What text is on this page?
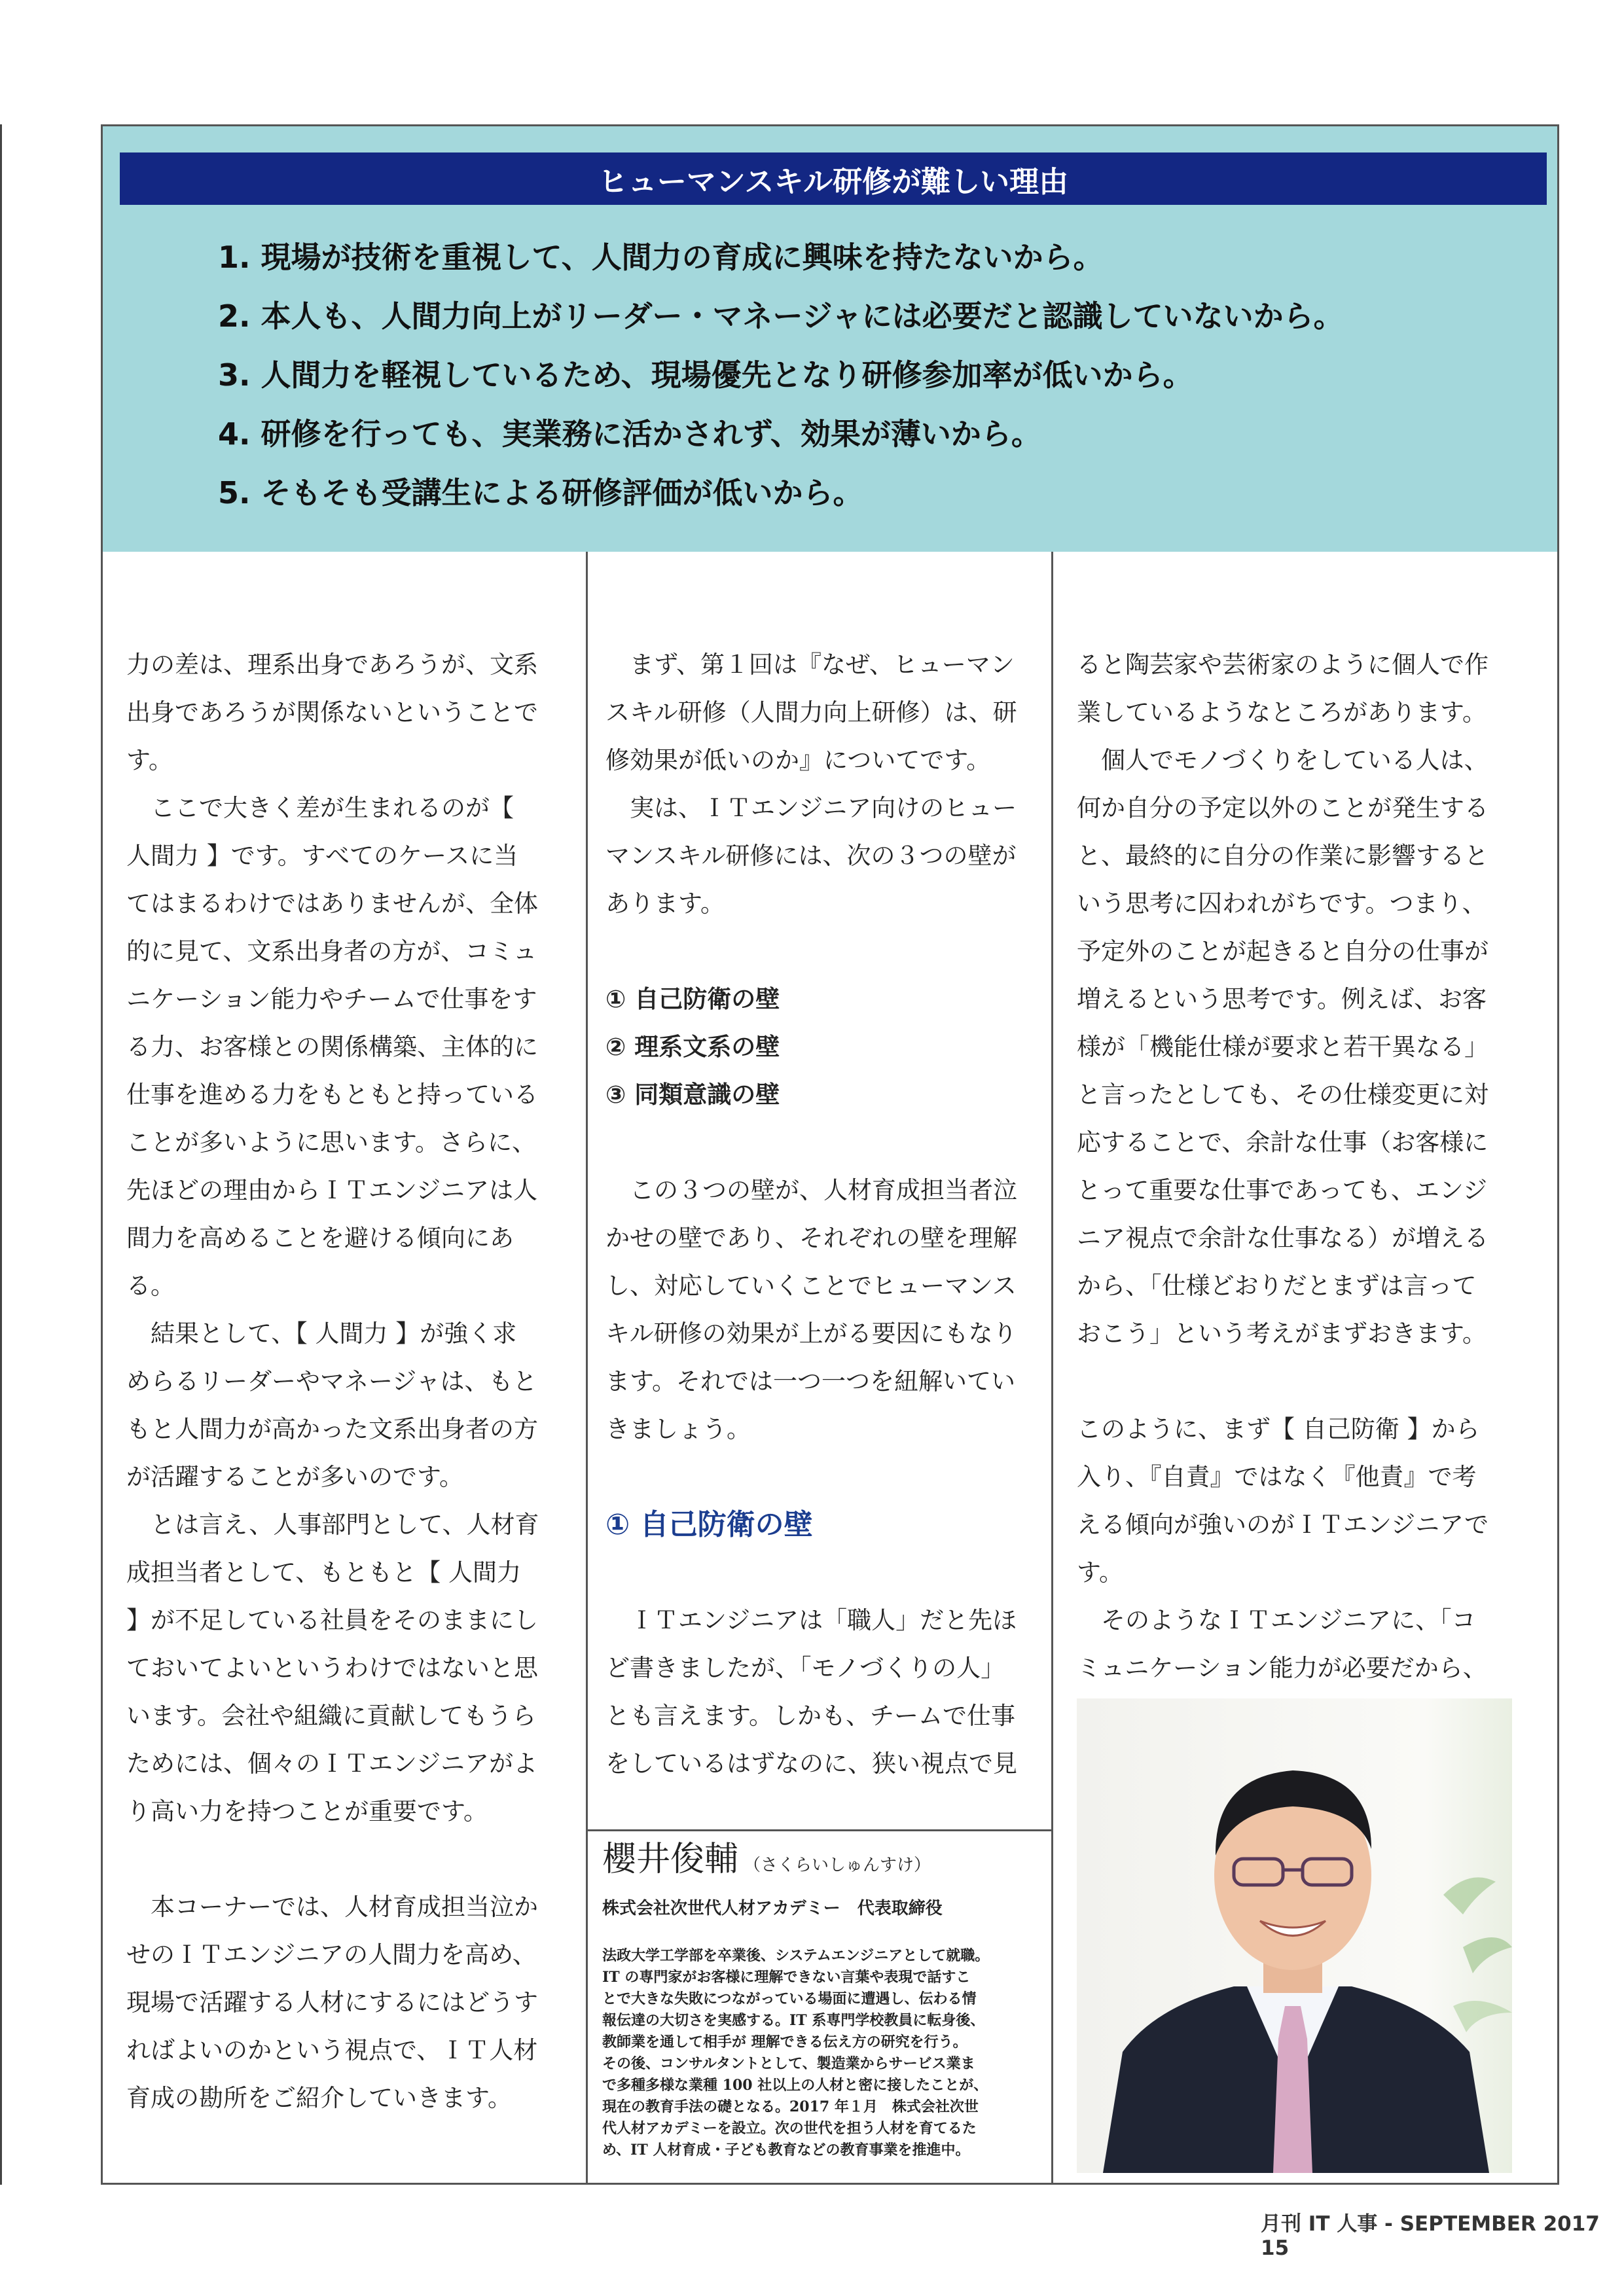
ヒューマンスキル研修が難しい理由
1. 現場が技術を重視して、人間力の育成に興味を持たないから。
2. 本人も、人間力向上がリーダー・マネージャには必要だと認識していないから。
3. 人間力を軽視しているため、現場優先となり研修参加率が低いから。
4. 研修を行っても、実業務に活かされず、効果が薄いから。
5. そもそも受講生による研修評価が低いから。

力の差は、理系出身であろうが、文系

出身であろうが関係ないということで

す。

　ここで大きく差が生まれるのが【

人間力 】です。すべてのケースに当

てはまるわけではありませんが、全体

的に見て、文系出身者の方が、コミュ

ニケーション能力やチームで仕事をす

る力、お客様との関係構築、主体的に

仕事を進める力をもともと持っている

ことが多いように思います。さらに、

先ほどの理由からＩＴエンジニアは人

間力を高めることを避ける傾向にあ

る。

　結果として、【 人間力 】が強く求

めらるリーダーやマネージャは、もと

もと人間力が高かった文系出身者の方

が活躍することが多いのです。

　とは言え、人事部門として、人材育

成担当者として、もともと【 人間力

】が不足している社員をそのままにし

ておいてよいというわけではないと思

います。会社や組織に貢献してもうら

ためには、個々のＩＴエンジニアがよ

り高い力を持つことが重要です。

　本コーナーでは、人材育成担当泣か

せのＩＴエンジニアの人間力を高め、

現場で活躍する人材にするにはどうす

ればよいのかという視点で、ＩＴ人材

育成の勘所をご紹介していきます。

　まず、第１回は『なぜ、ヒューマン

スキル研修（人間力向上研修）は、研

修効果が低いのか』についてです。

　実は、ＩＴエンジニア向けのヒュー

マンスキル研修には、次の３つの壁が

あります。

① 自己防衛の壁

② 理系文系の壁

③ 同類意識の壁

　この３つの壁が、人材育成担当者泣

かせの壁であり、それぞれの壁を理解

し、対応していくことでヒューマンス

キル研修の効果が上がる要因にもなり

ます。それでは一つ一つを紐解いてい

きましょう。

① 自己防衛の壁

　ＩＴエンジニアは「職人」だと先ほ

ど書きましたが、「モノづくりの人」

とも言えます。しかも、チームで仕事

をしているはずなのに、狭い視点で見

ると陶芸家や芸術家のように個人で作

業しているようなところがあります。

　個人でモノづくりをしている人は、

何か自分の予定以外のことが発生する

と、最終的に自分の作業に影響すると

いう思考に囚われがちです。つまり、

予定外のことが起きると自分の仕事が

増えるという思考です。例えば、お客

様が「機能仕様が要求と若干異なる」

と言ったとしても、その仕様変更に対

応することで、余計な仕事（お客様に

とって重要な仕事であっても、エンジ

ニア視点で余計な仕事なる）が増える

から、「仕様どおりだとまずは言って

おこう」という考えがまずおきます。

このように、まず【 自己防衛 】から

入り、『自責』ではなく『他責』で考

える傾向が強いのがＩＴエンジニアで

す。

　そのようなＩＴエンジニアに、「コ

ミュニケーション能力が必要だから、

櫻井俊輔 （さくらいしゅんすけ）
株式会社次世代人材アカデミー　代表取締役
法政大学工学部を卒業後、システムエンジニアとして就職。
IT の専門家がお客様に理解できない言葉や表現で話すこ
とで大きな失敗につながっている場面に遭遇し、伝わる情
報伝達の大切さを実感する。IT 系専門学校教員に転身後、
教師業を通して相手が 理解できる伝え方の研究を行う。
その後、コンサルタントとして、製造業からサービス業ま
で多種多様な業種 100 社以上の人材と密に接したことが、
現在の教育手法の礎となる。2017 年１月　株式会社次世
代人材アカデミーを設立。次の世代を担う人材を育てるた
め、IT 人材育成・子ども教育などの教育事業を推進中。
月刊 IT 人事 - SEPTEMBER 2017 15
